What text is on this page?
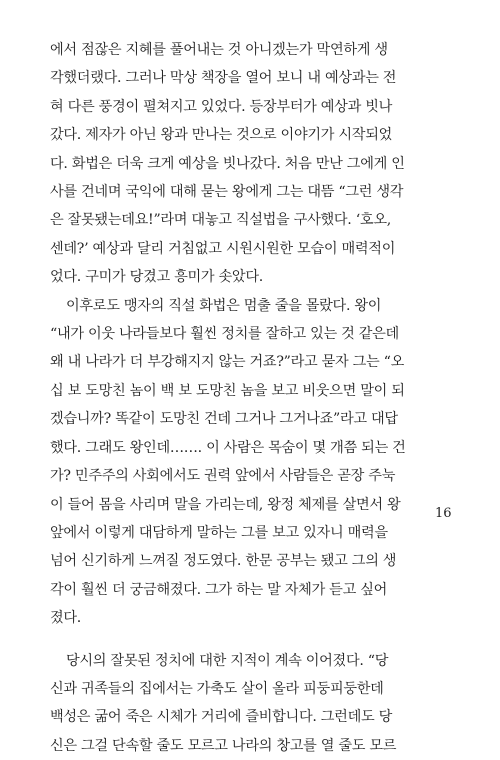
에서 점잖은 지혜를 풀어내는 것 아니겠는가 막연하게 생

각했더랬다. 그러나 막상 책장을 열어 보니 내 예상과는 전

혀 다른 풍경이 펼쳐지고 있었다. 등장부터가 예상과 빗나

갔다. 제자가 아닌 왕과 만나는 것으로 이야기가 시작되었

다. 화법은 더욱 크게 예상을 빗나갔다. 처음 만난 그에게 인

사를 건네며 국익에 대해 묻는 왕에게 그는 대뜸 “그런 생각

은 잘못됐는데요!”라며 대놓고 직설법을 구사했다. ‘호오,

센데?’ 예상과 달리 거침없고 시원시원한 모습이 매력적이

었다. 구미가 당겼고 흥미가 솟았다.

이후로도 맹자의 직설 화법은 멈출 줄을 몰랐다. 왕이

“내가 이웃 나라들보다 훨씬 정치를 잘하고 있는 것 같은데

왜 내 나라가 더 부강해지지 않는 거죠?”라고 묻자 그는 “오

십 보 도망친 놈이 백 보 도망친 놈을 보고 비웃으면 말이 되

겠습니까? 똑같이 도망친 건데 그거나 그거나죠”라고 대답

했다. 그래도 왕인데……. 이 사람은 목숨이 몇 개쯤 되는 건

가? 민주주의 사회에서도 권력 앞에서 사람들은 곧장 주눅

이 들어 몸을 사리며 말을 가리는데, 왕정 체제를 살면서 왕

앞에서 이렇게 대담하게 말하는 그를 보고 있자니 매력을

넘어 신기하게 느껴질 정도였다. 한문 공부는 됐고 그의 생

각이 훨씬 더 궁금해졌다. 그가 하는 말 자체가 듣고 싶어

졌다.

당시의 잘못된 정치에 대한 지적이 계속 이어졌다. “당

신과 귀족들의 집에서는 가축도 살이 올라 피둥피둥한데

백성은 굶어 죽은 시체가 거리에 즐비합니다. 그런데도 당

신은 그걸 단속할 줄도 모르고 나라의 창고를 열 줄도 모르

16
